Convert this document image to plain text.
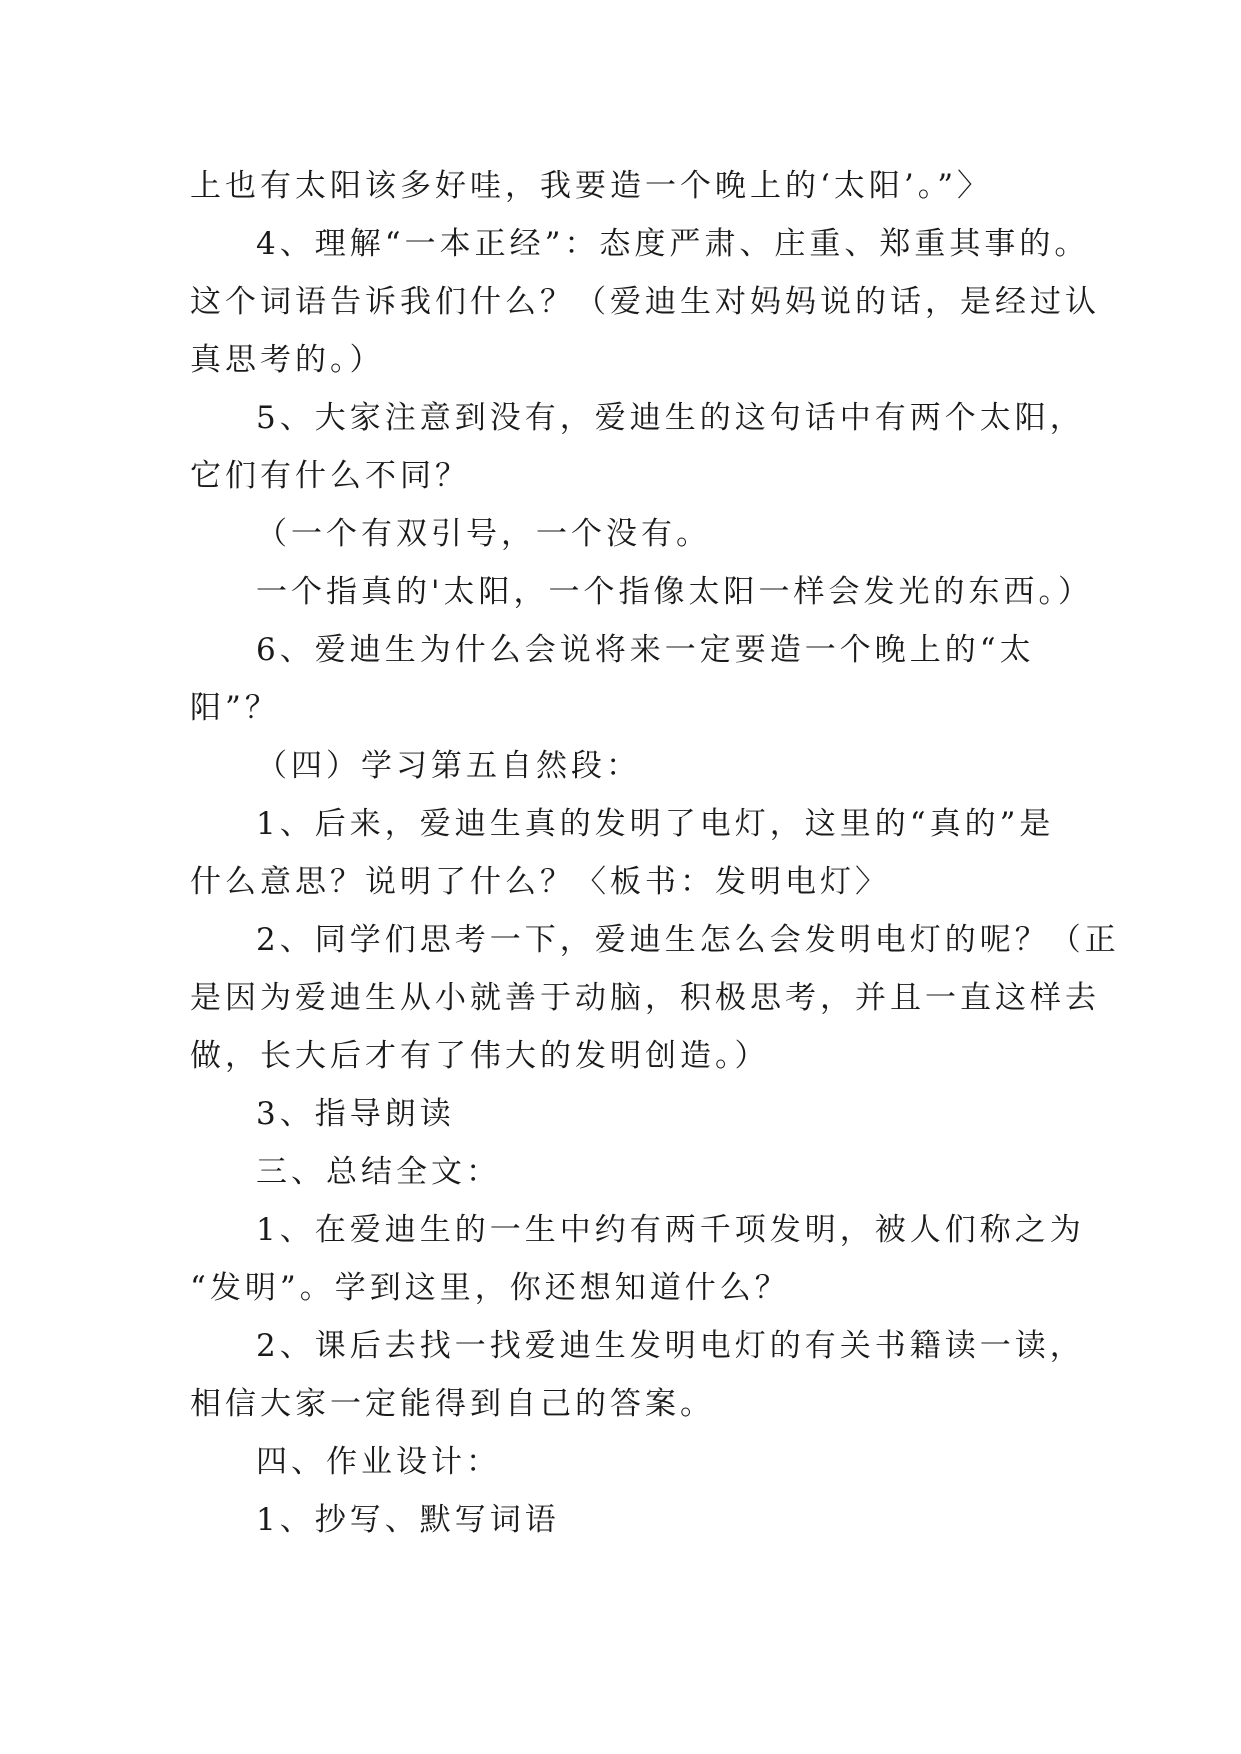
上也有太阳该多好哇，我要造一个晚上的‘太阳’。”〉
4、理解“一本正经”：态度严肃、庄重、郑重其事的。
这个词语告诉我们什么？（爱迪生对妈妈说的话，是经过认
真思考的。）
5、大家注意到没有，爱迪生的这句话中有两个太阳，
它们有什么不同？
（一个有双引号，一个没有。
一个指真的'太阳，一个指像太阳一样会发光的东西。）
6、爱迪生为什么会说将来一定要造一个晚上的“太
阳”？
（四）学习第五自然段：
1、后来，爱迪生真的发明了电灯，这里的“真的”是
什么意思？说明了什么？〈板书：发明电灯〉
2、同学们思考一下，爱迪生怎么会发明电灯的呢？（正
是因为爱迪生从小就善于动脑，积极思考，并且一直这样去
做，长大后才有了伟大的发明创造。）
3、指导朗读
三、总结全文：
1、在爱迪生的一生中约有两千项发明，被人们称之为
“发明”。学到这里，你还想知道什么？
2、课后去找一找爱迪生发明电灯的有关书籍读一读，
相信大家一定能得到自己的答案。
四、作业设计：
1、抄写、默写词语
